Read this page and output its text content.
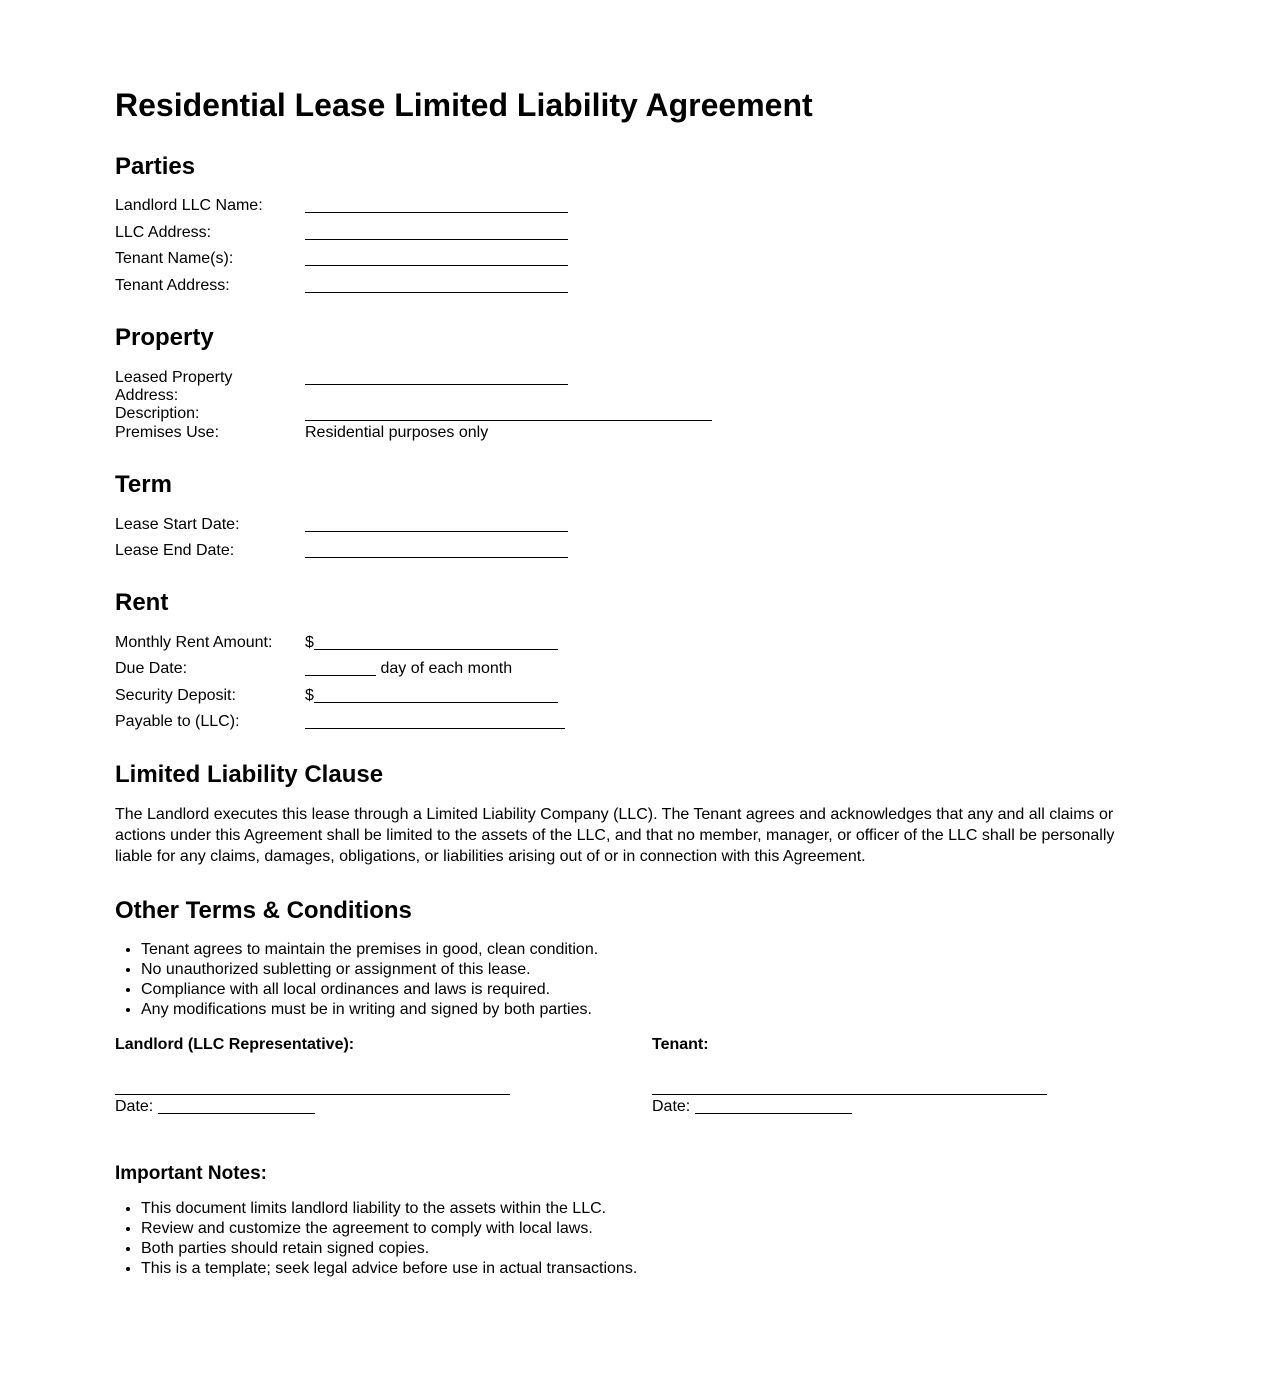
Residential Lease Limited Liability Agreement
Parties
Landlord LLC Name:
LLC Address:
Tenant Name(s):
Tenant Address:
Property
Leased Property Address:
Description:
Premises Use:	Residential purposes only
Term
Lease Start Date:
Lease End Date:
Rent
Monthly Rent Amount:	$
Due Date:	day of each month
Security Deposit:	$
Payable to (LLC):
Limited Liability Clause

The Landlord executes this lease through a Limited Liability Company (LLC). The Tenant agrees and acknowledges that any and all claims or actions under this Agreement shall be limited to the assets of the LLC, and that no member, manager, or officer of the LLC shall be personally liable for any claims, damages, obligations, or liabilities arising out of or in connection with this Agreement.

Other Terms & Conditions
• Tenant agrees to maintain the premises in good, clean condition.
• No unauthorized subletting or assignment of this lease.
• Compliance with all local ordinances and laws is required.
• Any modifications must be in writing and signed by both parties.
Landlord (LLC Representative):
Date:
Tenant:
Date:
Important Notes:
• This document limits landlord liability to the assets within the LLC.
• Review and customize the agreement to comply with local laws.
• Both parties should retain signed copies.
• This is a template; seek legal advice before use in actual transactions.
